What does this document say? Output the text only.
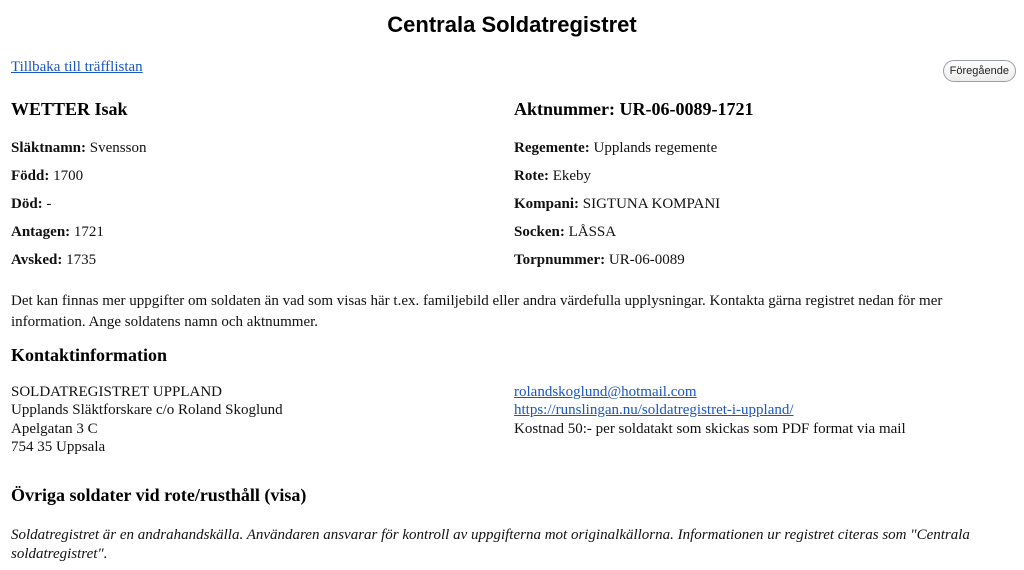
Centrala Soldatregistret
Tillbaka till träfflistan	Föregående
WETTER Isak
Släktnamn: Svensson
Född: 1700
Död: -
Antagen: 1721
Avsked: 1735
Aktnummer: UR-06-0089-1721
Regemente: Upplands regemente
Rote: Ekeby
Kompani: SIGTUNA KOMPANI
Socken: LÅSSA
Torpnummer: UR-06-0089

Det kan finnas mer uppgifter om soldaten än vad som visas här t.ex. familjebild eller andra värdefulla upplysningar. Kontakta gärna registret nedan för mer information. Ange soldatens namn och aktnummer.

Kontaktinformation
SOLDATREGISTRET UPPLAND
Upplands Släktforskare c/o Roland Skoglund
Apelgatan 3 C
754 35 Uppsala
rolandskoglund@hotmail.com
https://runslingan.nu/soldatregistret-i-uppland/
Kostnad 50:- per soldatakt som skickas som PDF format via mail
Övriga soldater vid rote/rusthåll (visa)

Soldatregistret är en andrahandskälla. Användaren ansvarar för kontroll av uppgifterna mot originalkällorna. Informationen ur registret citeras som "Centrala soldatregistret".
